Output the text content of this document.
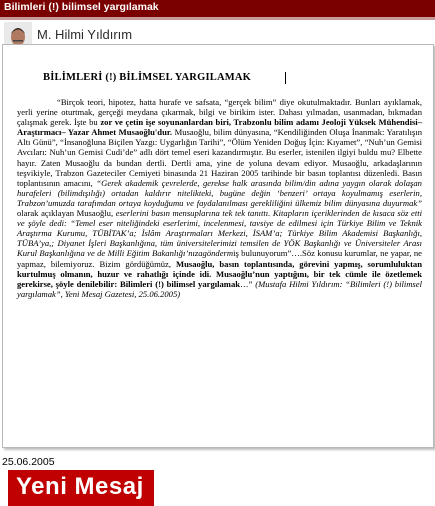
Bilimleri (!) bilimsel yargılamak
M. Hilmi Yıldırım
BİLİMLERİ (!) BİLİMSEL YARGILAMAK

“Birçok teori, hipotez, hatta hurafe ve safsata, “gerçek bilim” diye okutulmaktadır. Bunları ayıklamak, yerli yerine oturtmak, gerçeği meydana çıkarmak, bilgi ve birikim ister. Dahası yılmadan, usanmadan, bıkmadan çalışmak gerek. İşte bu zor ve çetin işe soyunanlardan biri, Trabzonlu bilim adamı Jeoloji Yüksek Mühendisi– Araştırmacı– Yazar Ahmet Musaoğlu'dur. Musaoğlu, bilim dünyasına, “Kendiliğinden Oluşa İnanmak: Yaratılışın Altı Günü”, “İnsanoğluna Biçilen Yazgı: Uygarlığın Tarihi”, “Ölüm Yeniden Doğuş İçin: Kıyamet”, “Nuh’un Gemisi Avcıları: Nuh’un Gemisi Cudi’de” adlı dört temel eseri kazandırmıştır. Bu eserler, istenilen ilgiyi buldu mu? Elbette hayır. Zaten Musaoğlu da bundan dertli. Dertli ama, yine de yoluna devam ediyor. Musaoğlu, arkadaşlarının teşvikiyle, Trabzon Gazeteciler Cemiyeti binasında 21 Haziran 2005 tarihinde bir basın toplantısı düzenledi. Basın toplantısının amacını, “Gerek akademik çevrelerde, gerekse halk arasında bilim/din adına yaygın olarak dolaşan hurafeleri (bilimdışılığı) ortadan kaldırır nitelikteki, bugüne değin ‘benzeri’ ortaya koyulmamış eserlerin, Trabzon’umuzda tarafımdan ortaya koyduğumu ve faydalanılması gerekliliğini ülkemiz bilim dünyasına duyurmak” olarak açıklayan Musaoğlu, eserlerini basın mensuplarına tek tek tanıttı. Kitapların içeriklerinden de kısaca söz etti ve şöyle dedi: “Temel eser niteliğindeki eserlerimi, incelenmesi, tavsiye de edilmesi için Türkiye Bilim ve Teknik Araştırma Kurumu, TÜBİTAK’a; İslâm Araştırmaları Merkezi, İSAM’a; Türkiye Bilim Akademisi Başkanlığı, TÜBA’ya,; Diyanet İşleri Başkanlığına, tüm üniversitelerimizi temsilen de YÖK Başkanlığı ve Üniversiteler Arası Kurul Başkanlığına ve de Milli Eğitim Bakanlığı’nızagöndermiş bulunuyorum”….Söz konusu kurumlar, ne yapar, ne yapmaz, bilemiyoruz. Bizim gördüğümüz, Musaoğlu, basın toplantısında, görevini yapmış, sorumluluktan kurtulmuş olmanın, huzur ve rahatlığı içinde idi. Musaoğlu’nun yaptığını, bir tek cümle ile özetlemek gerekirse, şöyle denilebilir: Bilimleri (!) bilimsel yargılamak…” (Mustafa Hilmi Yıldırım: “Bilimleri (!) bilimsel yargılamak”, Yeni Mesaj Gazetesi, 25.06.2005)

25.06.2005
Yeni Mesaj
